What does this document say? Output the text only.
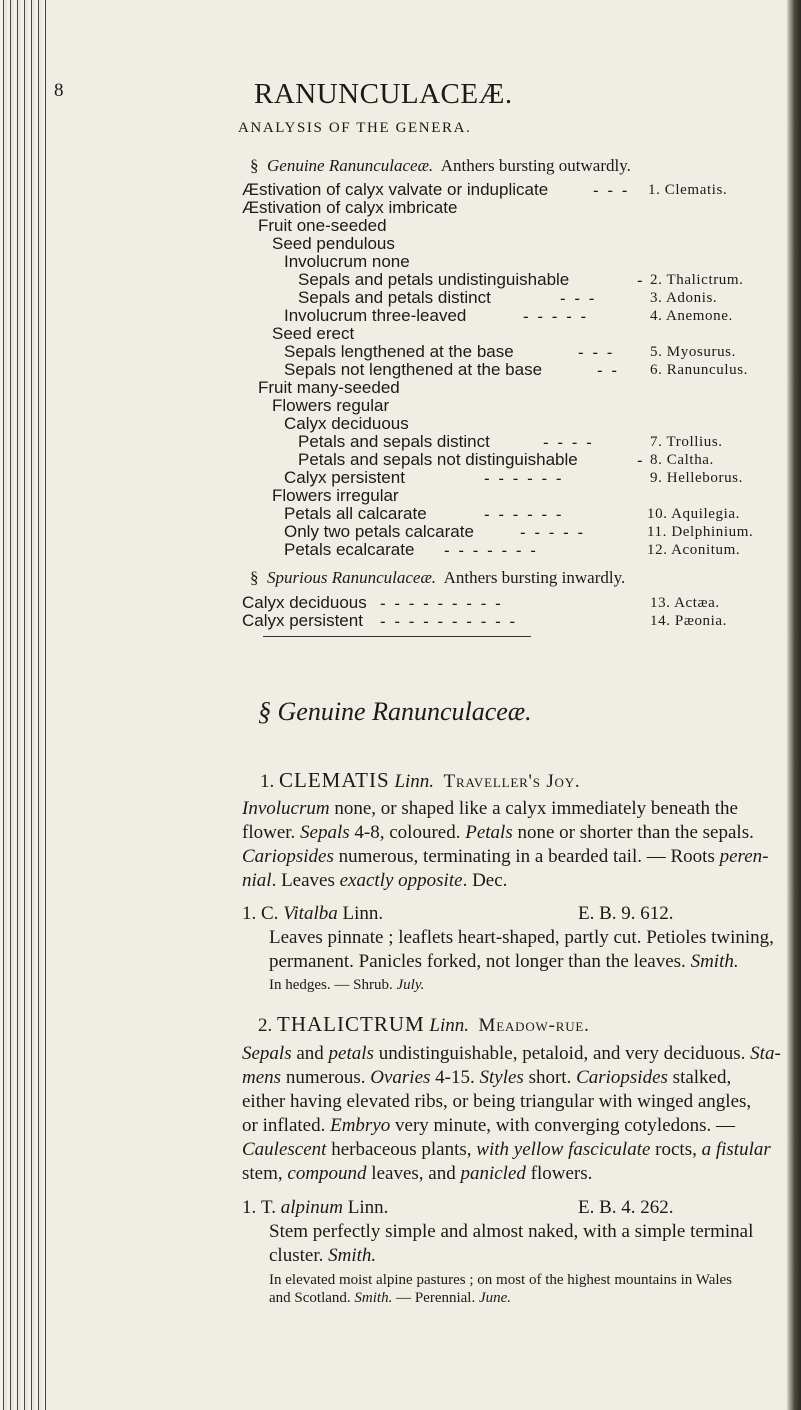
8	RANUNCULACEÆ.
ANALYSIS OF THE GENERA.
§ Genuine Ranunculaceæ. Anthers bursting outwardly.
Æstivation of calyx valvate or induplicate	- - - 1. Clematis.
Æstivation of calyx imbricate
Fruit one-seeded
Seed pendulous
Involucrum none
Sepals and petals undistinguishable	- 2. Thalictrum.
Sepals and petals distinct	- - -	3. Adonis.
Involucrum three-leaved	- - - - -	4. Anemone.
Seed erect
Sepals lengthened at the base	- - - 5. Myosurus.
Sepals not lengthened at the base	- - 6. Ranunculus.
Fruit many-seeded
Flowers regular
Calyx deciduous
Petals and sepals distinct	- - - -	7. Trollius.
Petals and sepals not distinguishable	- 8. Caltha.
Calyx persistent	- - - - - -	9. Helleborus.
Flowers irregular
Petals all calcarate	- - - - - -	10. Aquilegia.
Only two petals calcarate	- - - - -	11. Delphinium.
Petals ecalcarate - - - - - - -	12. Aconitum.
§ Spurious Ranunculaceæ. Anthers bursting inwardly.
Calyx deciduous - - - - - - - - -	13. Actæa.
Calyx persistent - - - - - - - - - -	14. Pæonia.
§ Genuine Ranunculaceæ.
1. CLEMATIS Linn. Traveller's Joy.
Involucrum none, or shaped like a calyx immediately beneath the
flower. Sepals 4-8, coloured. Petals none or shorter than the sepals.
Cariopsides numerous, terminating in a bearded tail. — Roots peren-
nial. Leaves exactly opposite. Dec.
1. C. Vitalba Linn.	E. B. 9. 612.
Leaves pinnate ; leaflets heart-shaped, partly cut. Petioles twining,
permanent. Panicles forked, not longer than the leaves. Smith.
In hedges. — Shrub. July.
2. THALICTRUM Linn. Meadow-rue.
Sepals and petals undistinguishable, petaloid, and very deciduous. Sta-
mens numerous. Ovaries 4-15. Styles short. Cariopsides stalked,
either having elevated ribs, or being triangular with winged angles,
or inflated. Embryo very minute, with converging cotyledons. —
Caulescent herbaceous plants, with yellow fasciculate rocts, a fistular
stem, compound leaves, and panicled flowers.
1. T. alpinum Linn.	E. B. 4. 262.
Stem perfectly simple and almost naked, with a simple terminal
cluster. Smith.
In elevated moist alpine pastures ; on most of the highest mountains in Wales
and Scotland. Smith. — Perennial. June.
